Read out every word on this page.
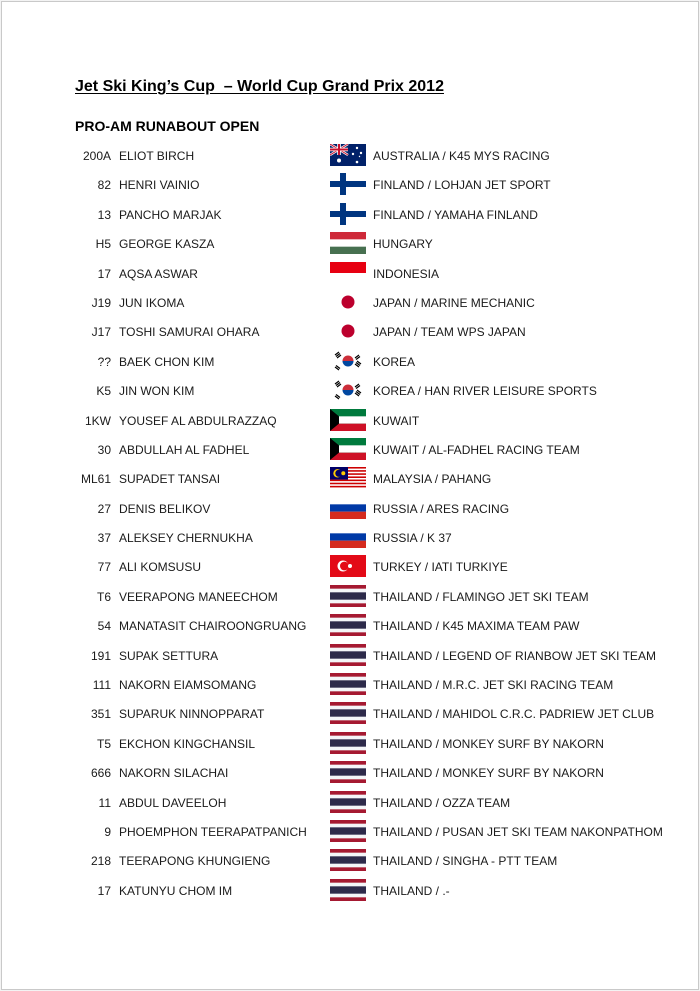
Jet Ski King’s Cup  – World Cup Grand Prix 2012
PRO-AM RUNABOUT OPEN
200A ELIOT BIRCH	AUSTRALIA / K45 MYS RACING
82 HENRI VAINIO	FINLAND / LOHJAN JET SPORT
13 PANCHO MARJAK	FINLAND / YAMAHA FINLAND
H5 GEORGE KASZA	HUNGARY
17 AQSA ASWAR	INDONESIA
J19 JUN IKOMA	JAPAN / MARINE MECHANIC
J17 TOSHI SAMURAI OHARA	JAPAN / TEAM WPS JAPAN
?? BAEK CHON KIM	KOREA
K5 JIN WON KIM	KOREA / HAN RIVER LEISURE SPORTS
1KW YOUSEF AL ABDULRAZZAQ	KUWAIT
30 ABDULLAH AL FADHEL	KUWAIT / AL-FADHEL RACING TEAM
ML61 SUPADET TANSAI	MALAYSIA / PAHANG
27 DENIS BELIKOV	RUSSIA / ARES RACING
37 ALEKSEY CHERNUKHA	RUSSIA / K 37
77 ALI KOMSUSU	TURKEY / IATI TURKIYE
T6 VEERAPONG MANEECHOM	THAILAND / FLAMINGO JET SKI TEAM
54 MANATASIT CHAIROONGRUANG	THAILAND / K45 MAXIMA TEAM PAW
191 SUPAK SETTURA	THAILAND / LEGEND OF RIANBOW JET SKI TEAM
111 NAKORN EIAMSOMANG	THAILAND / M.R.C. JET SKI RACING TEAM
351 SUPARUK NINNOPPARAT	THAILAND / MAHIDOL C.R.C. PADRIEW JET CLUB
T5 EKCHON KINGCHANSIL	THAILAND / MONKEY SURF BY NAKORN
666 NAKORN SILACHAI	THAILAND / MONKEY SURF BY NAKORN
11 ABDUL DAVEELOH	THAILAND / OZZA TEAM
9 PHOEMPHON TEERAPATPANICH	THAILAND / PUSAN JET SKI TEAM NAKONPATHOM
218 TEERAPONG KHUNGIENG	THAILAND / SINGHA - PTT TEAM
17 KATUNYU CHOM IM	THAILAND / .-
